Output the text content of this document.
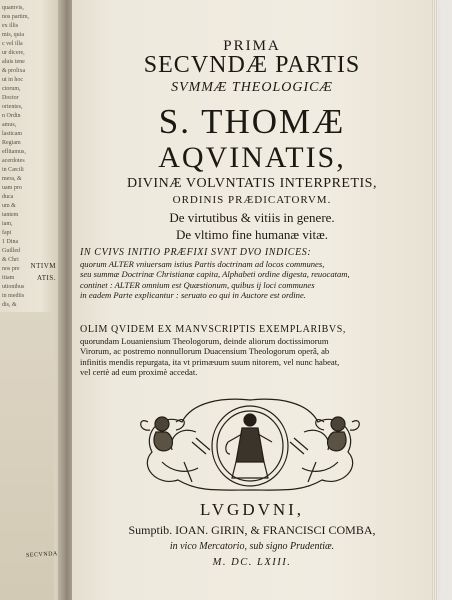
quamvis,
nos partim,
ex illis
mis, quia
c vel illa
ur dicere,
aluis tene
& prolixa
ut in hoc
ctorum,
Doctor
orientes,
n Ordin
amus,
lasticam
Regiam
eflitamus,
acerdotes
in Cæcili
mera, &
uam pro
duca
um &
tantem
iam,
fapi
1 Dina
Guilled
& Chri
nos pre
itiam
utionibus
in mediis
dis, &

NTIVM
ATIS.
SECVNDA
PRIMA
SECVNDÆ PARTIS
SVMMÆ THEOLOGICÆ
S. THOMÆ
AQVINATIS,
DIVINÆ VOLVNTATIS INTERPRETIS,
ORDINIS PRÆDICATORVM.
De virtutibus & vitiis in genere.
De vltimo fine humanæ vitæ.
IN CVIVS INITIO PRÆFIXI SVNT DVO INDICES:
quorum ALTER vniuersam istius Partis doctrinam ad locos communes,
seu summæ Doctrinæ Christianæ capita, Alphabeti ordine digesta, reuocatam,
continet : ALTER omnium est Quæstionum, quibus ij loci communes
in eadem Parte explicantur : seruato eo qui in Auctore est ordine.
OLIM QVIDEM EX MANVSCRIPTIS EXEMPLARIBVS,
quorundam Louaniensium Theologorum, deinde aliorum doctissimorum
Virorum, ac postremo nonnullorum Duacensium Theologorum operâ, ab
infinitis mendis repurgata, ita vt primæuum suum nitorem, vel nunc habeat,
vel certè ad eum proximè accedat.
LVGDVNI,
Sumptib. IOAN. GIRIN, & FRANCISCI COMBA,
in vico Mercatorio, sub signo Prudentiæ.
M. DC. LXIII.
